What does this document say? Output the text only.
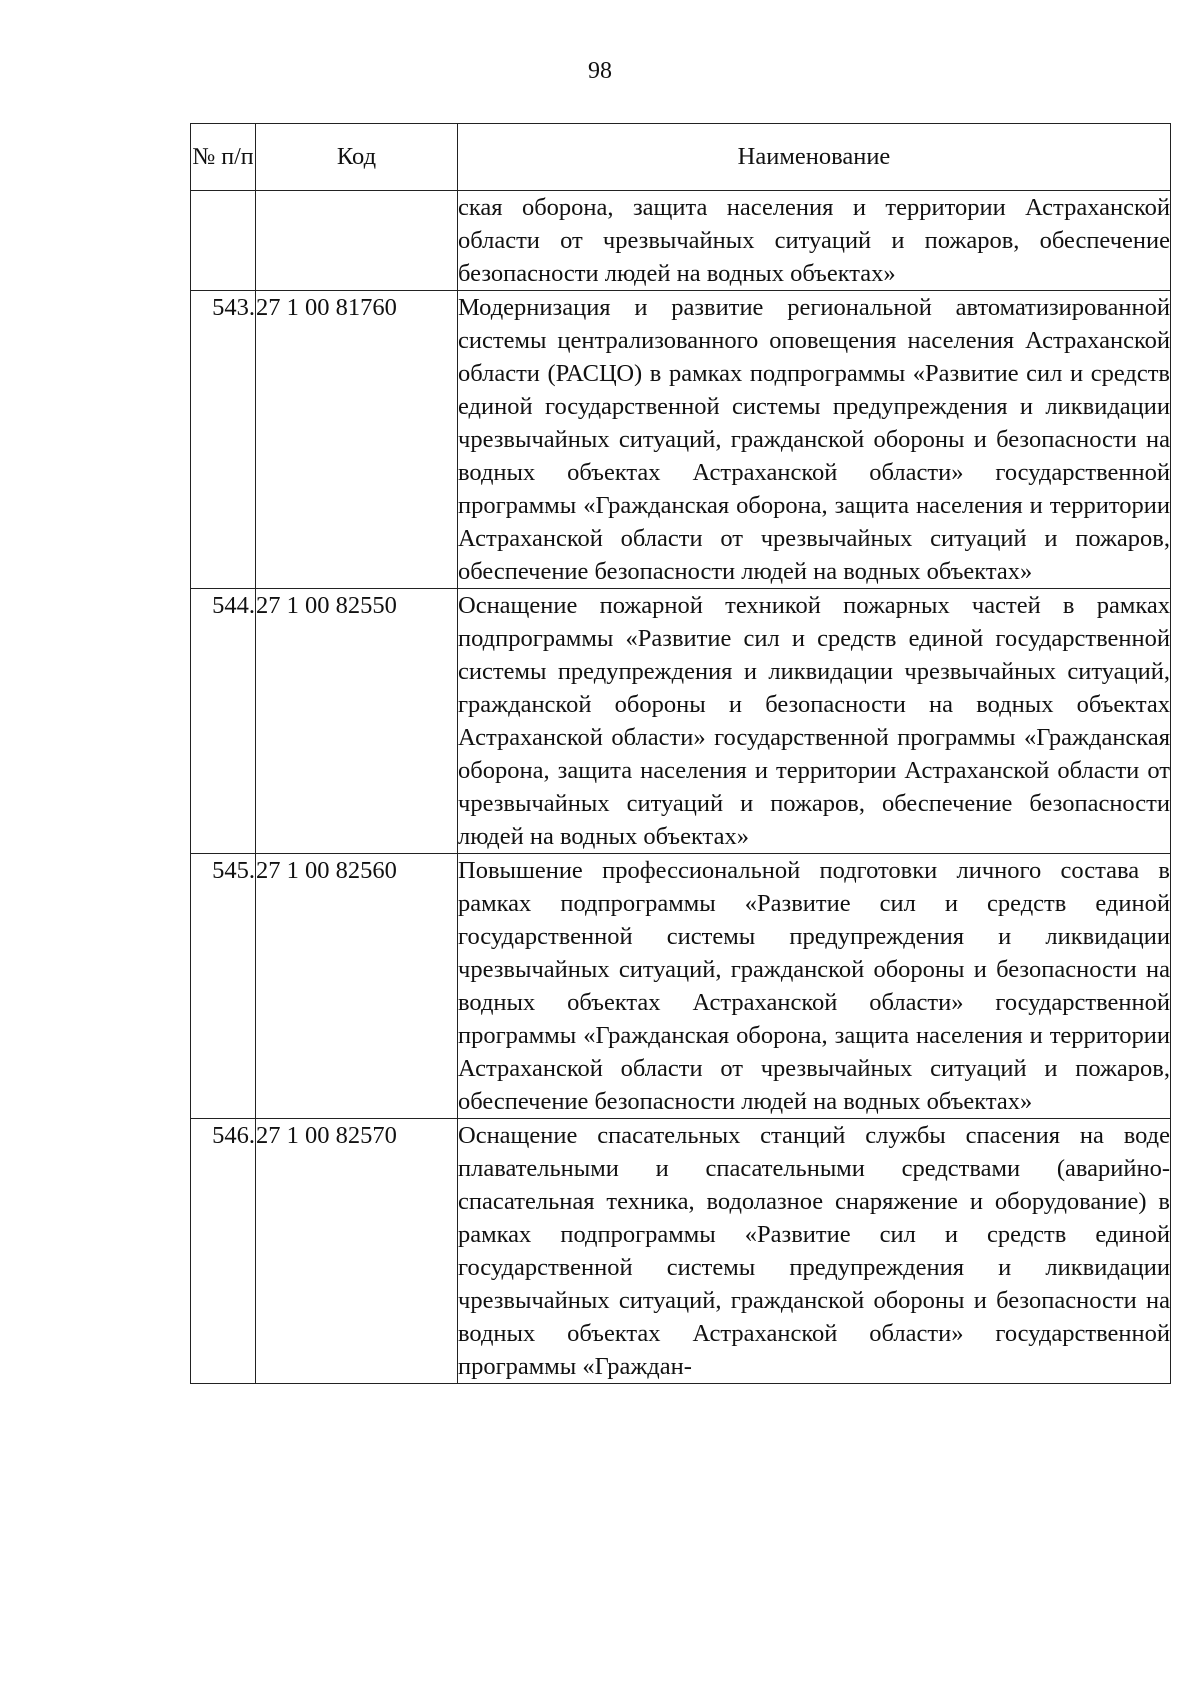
98
№ п/п	Код	Наименование
		ская оборона, защита населения и территории Астраханской области от чрезвычайных ситуаций и пожаров, обеспечение безопасности людей на водных объектах»
543.	27 1 00 81760	Модернизация и развитие региональной автоматизированной системы централизованного оповещения населения Астраханской области (РАСЦО) в рамках подпрограммы «Развитие сил и средств единой государственной системы предупреждения и ликвидации чрезвычайных ситуаций, гражданской обороны и безопасности на водных объектах Астраханской области» государственной программы «Гражданская оборона, защита населения и территории Астраханской области от чрезвычайных ситуаций и пожаров, обеспечение безопасности людей на водных объектах»
544.	27 1 00 82550	Оснащение пожарной техникой пожарных частей в рамках подпрограммы «Развитие сил и средств единой государственной системы предупреждения и ликвидации чрезвычайных ситуаций, гражданской обороны и безопасности на водных объектах Астраханской области» государственной программы «Гражданская оборона, защита населения и территории Астраханской области от чрезвычайных ситуаций и пожаров, обеспечение безопасности людей на водных объектах»
545.	27 1 00 82560	Повышение профессиональной подготовки личного состава в рамках подпрограммы «Развитие сил и средств единой государственной системы предупреждения и ликвидации чрезвычайных ситуаций, гражданской обороны и безопасности на водных объектах Астраханской области» государственной программы «Гражданская оборона, защита населения и территории Астраханской области от чрезвычайных ситуаций и пожаров, обеспечение безопасности людей на водных объектах»
546.	27 1 00 82570	Оснащение спасательных станций службы спасения на воде плавательными и спасательными средствами (аварийно-спасательная техника, водолазное снаряжение и оборудование) в рамках подпрограммы «Развитие сил и средств единой государственной системы предупреждения и ликвидации чрезвычайных ситуаций, гражданской обороны и безопасности на водных объектах Астраханской области» государственной программы «Граждан-
